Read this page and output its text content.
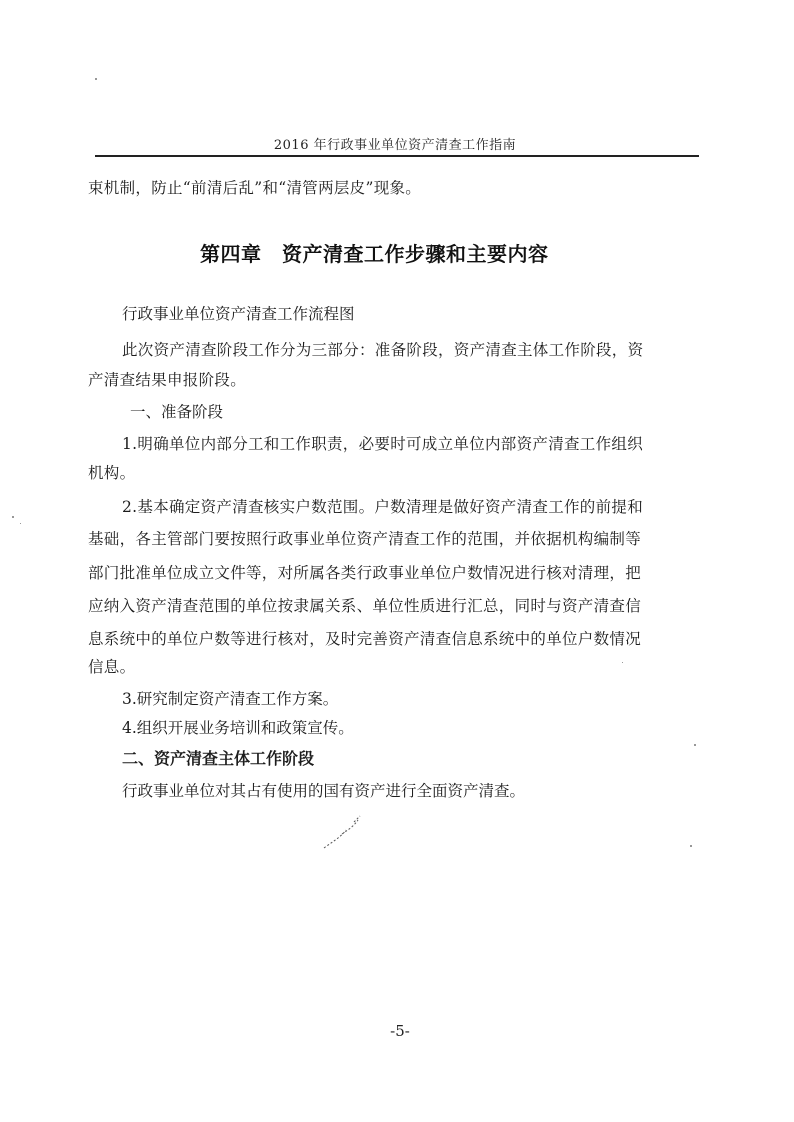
2016 年行政事业单位资产清查工作指南
束机制，防止“前清后乱”和“清管两层皮”现象。
第四章　资产清查工作步骤和主要内容
行政事业单位资产清查工作流程图
此次资产清查阶段工作分为三部分：准备阶段，资产清查主体工作阶段，资
产清查结果申报阶段。
一、准备阶段
1.明确单位内部分工和工作职责，必要时可成立单位内部资产清查工作组织
机构。
2.基本确定资产清查核实户数范围。户数清理是做好资产清查工作的前提和
基础，各主管部门要按照行政事业单位资产清查工作的范围，并依据机构编制等
部门批准单位成立文件等，对所属各类行政事业单位户数情况进行核对清理，把
应纳入资产清查范围的单位按隶属关系、单位性质进行汇总，同时与资产清查信
息系统中的单位户数等进行核对，及时完善资产清查信息系统中的单位户数情况
信息。
3.研究制定资产清查工作方案。
4.组织开展业务培训和政策宣传。
二、资产清查主体工作阶段
行政事业单位对其占有使用的国有资产进行全面资产清查。
-5-
